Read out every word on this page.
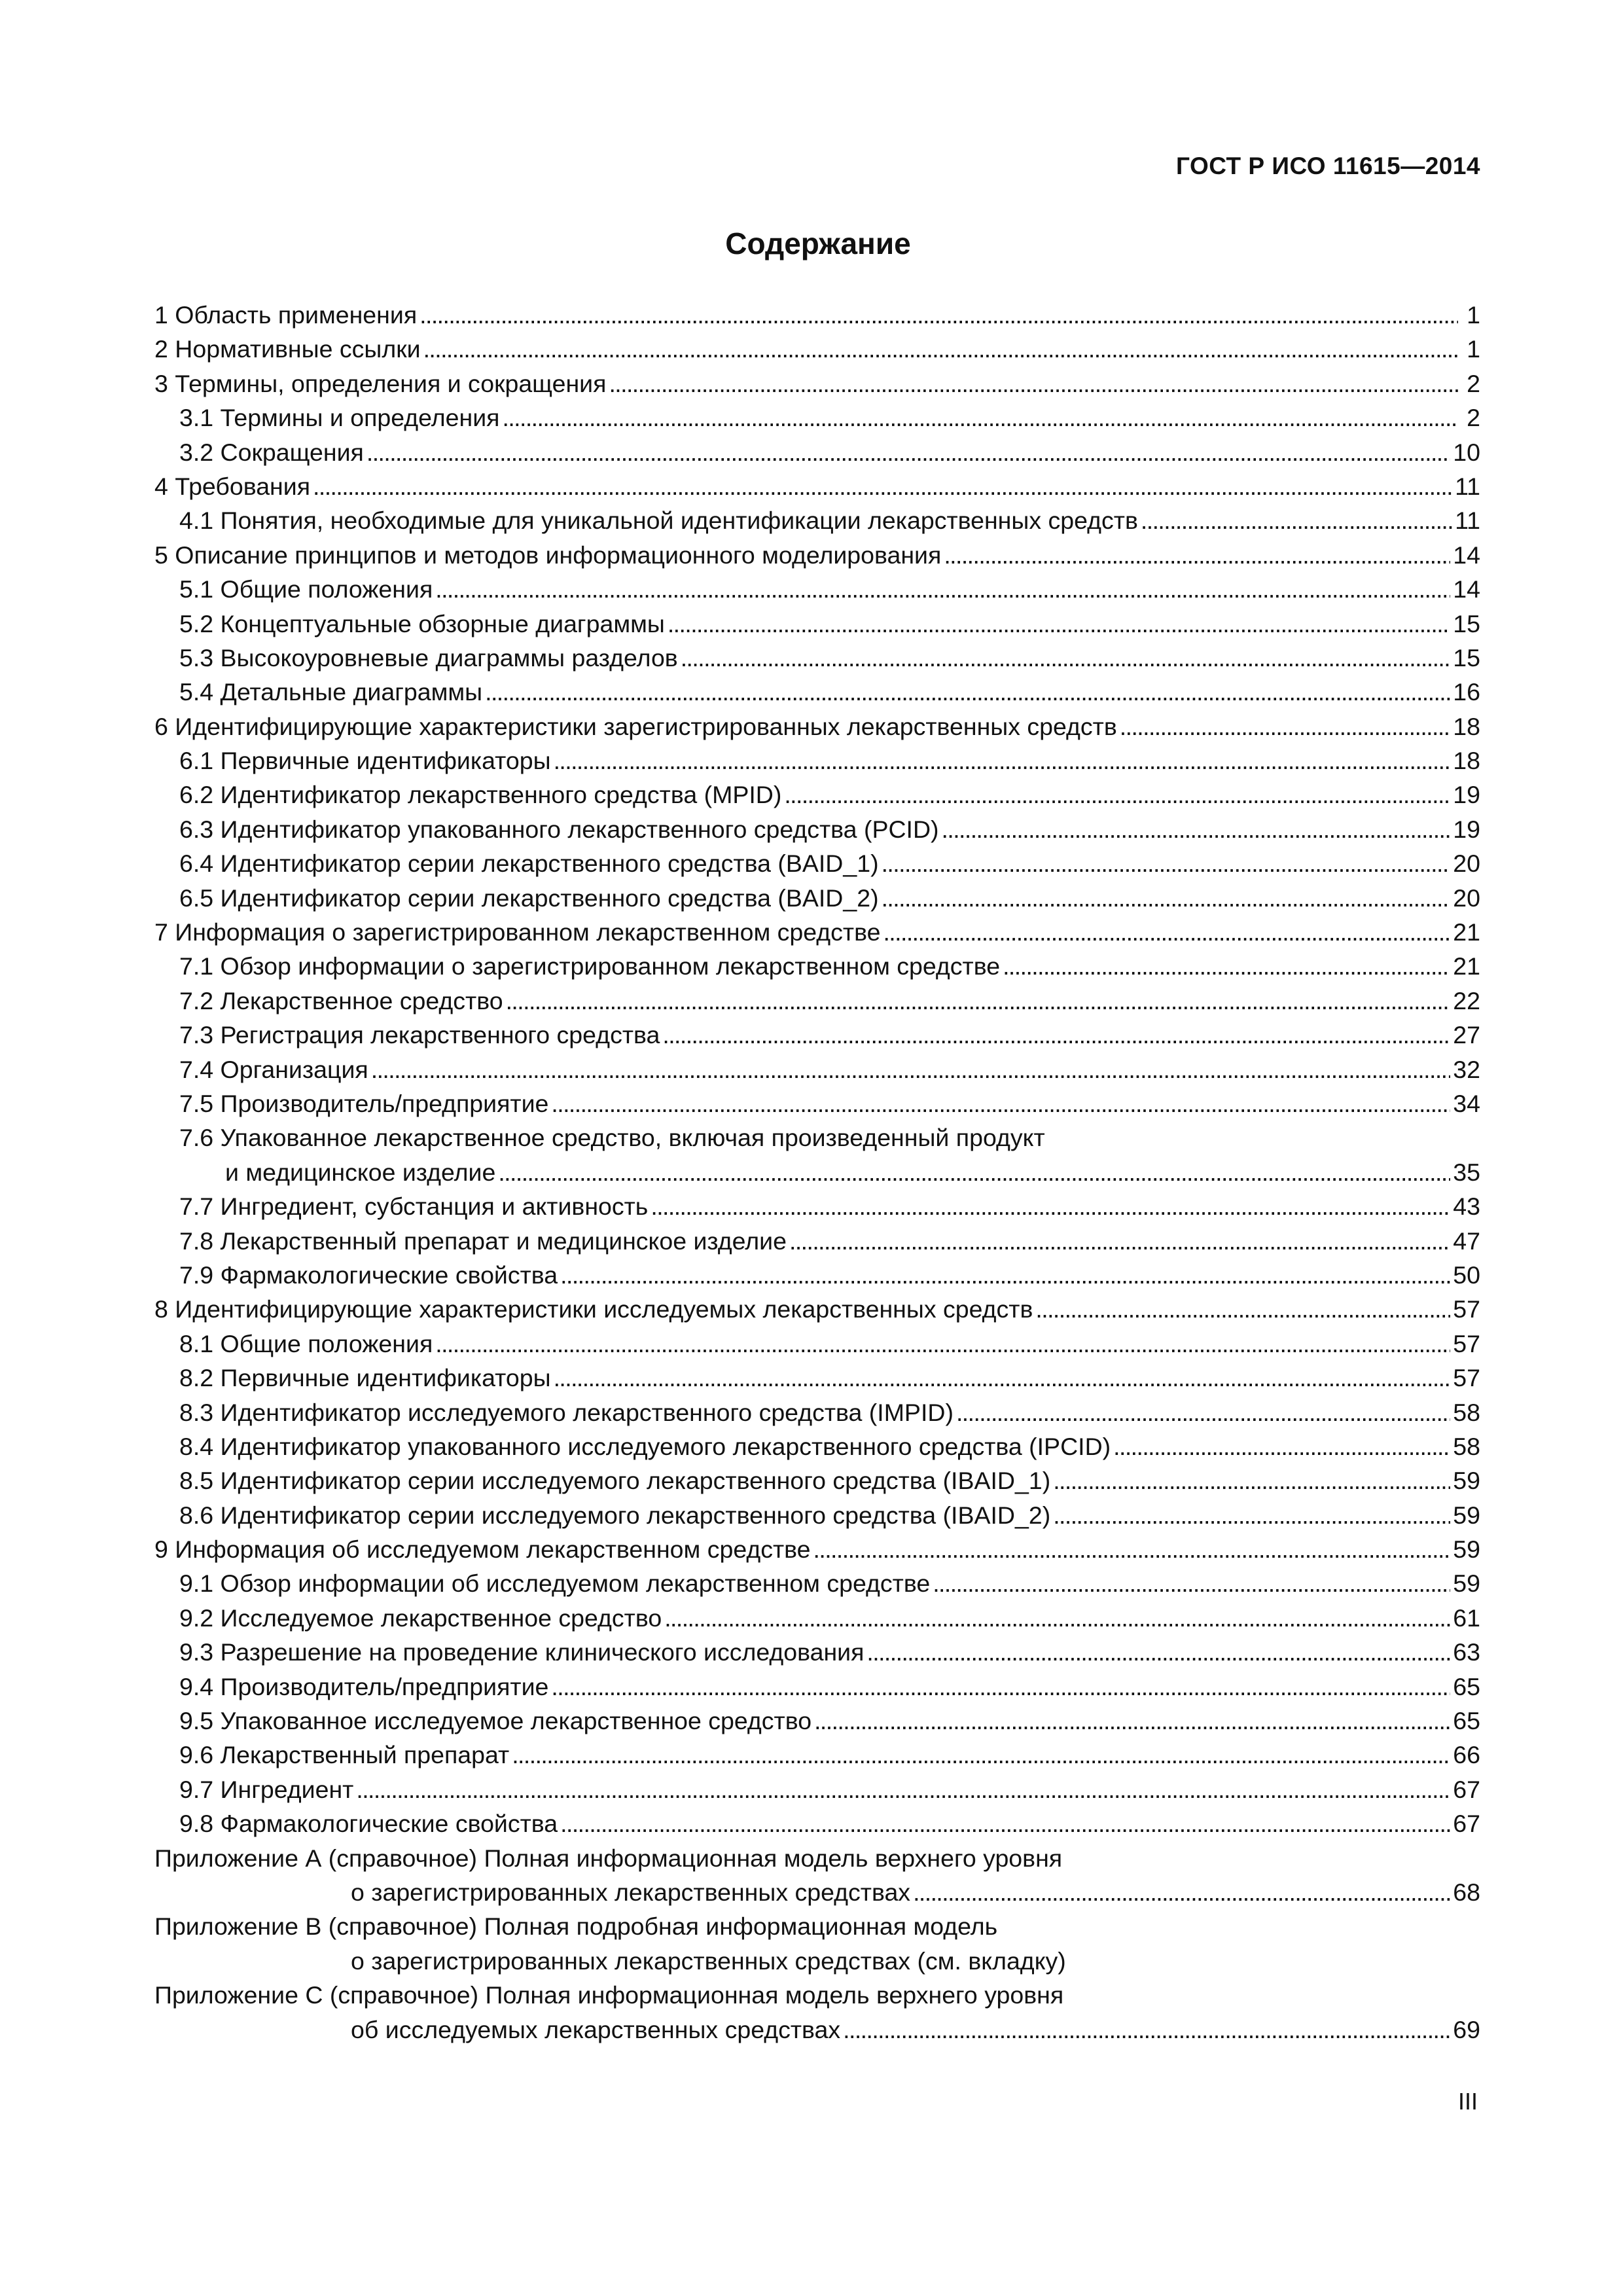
ГОСТ Р ИСО 11615—2014
Содержание
1 Область применения . . .	1
2 Нормативные ссылки . . .	1
3 Термины, определения и сокращения . . .	2
3.1 Термины и определения . . .	2
3.2 Сокращения . . .	10
4 Требования . . .	11
4.1 Понятия, необходимые для уникальной идентификации лекарственных средств . . .	11
5 Описание принципов и методов информационного моделирования . . .	14
5.1 Общие положения . . .	14
5.2 Концептуальные обзорные диаграммы . . .	15
5.3 Высокоуровневые диаграммы разделов . . .	15
5.4 Детальные диаграммы . . .	16
6 Идентифицирующие характеристики зарегистрированных лекарственных средств . . .	18
6.1 Первичные идентификаторы . . .	18
6.2 Идентификатор лекарственного средства (MPID) . . .	19
6.3 Идентификатор упакованного лекарственного средства (PCID) . . .	19
6.4 Идентификатор серии лекарственного средства (BAID_1) . . .	20
6.5 Идентификатор серии лекарственного средства (BAID_2) . . .	20
7 Информация о зарегистрированном лекарственном средстве . . .	21
7.1 Обзор информации о зарегистрированном лекарственном средстве . . .	21
7.2 Лекарственное средство . . .	22
7.3 Регистрация лекарственного средства . . .	27
7.4 Организация . . .	32
7.5 Производитель/предприятие . . .	34
7.6 Упакованное лекарственное средство, включая произведенный продукт
и медицинское изделие . . .	35
7.7 Ингредиент, субстанция и активность . . .	43
7.8 Лекарственный препарат и медицинское изделие . . .	47
7.9 Фармакологические свойства . . .	50
8 Идентифицирующие характеристики исследуемых лекарственных средств . . .	57
8.1 Общие положения . . .	57
8.2 Первичные идентификаторы . . .	57
8.3 Идентификатор исследуемого лекарственного средства (IMPID) . . .	58
8.4 Идентификатор упакованного исследуемого лекарственного средства (IPCID) . . .	58
8.5 Идентификатор серии исследуемого лекарственного средства (IBAID_1) . . .	59
8.6 Идентификатор серии исследуемого лекарственного средства (IBAID_2) . . .	59
9 Информация об исследуемом лекарственном средстве . . .	59
9.1 Обзор информации об исследуемом лекарственном средстве . . .	59
9.2 Исследуемое лекарственное средство . . .	61
9.3 Разрешение на проведение клинического исследования . . .	63
9.4 Производитель/предприятие . . .	65
9.5 Упакованное исследуемое лекарственное средство . . .	65
9.6 Лекарственный препарат . . .	66
9.7 Ингредиент . . .	67
9.8 Фармакологические свойства . . .	67
Приложение А (справочное) Полная информационная модель верхнего уровня
о зарегистрированных лекарственных средствах . . .	68
Приложение В (справочное) Полная подробная информационная модель
о зарегистрированных лекарственных средствах (см. вкладку)
Приложение С (справочное) Полная информационная модель верхнего уровня
об исследуемых лекарственных средствах . . .	69
III
